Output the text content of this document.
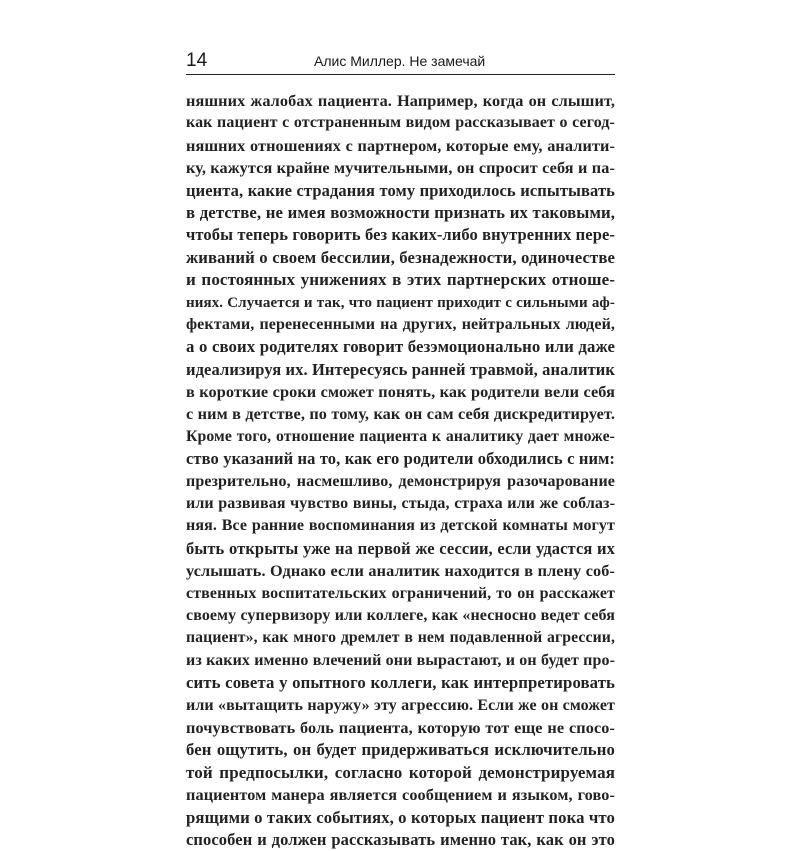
14	Алис Миллер. Не замечай
няшних жалобах пациента. Например, когда он слышит,
как пациент с отстраненным видом рассказывает о сегод-
няшних отношениях с партнером, которые ему, аналити-
ку, кажутся крайне мучительными, он спросит себя и па-
циента, какие страдания тому приходилось испытывать
в детстве, не имея возможности признать их таковыми,
чтобы теперь говорить без каких-либо внутренних пере-
живаний о своем бессилии, безнадежности, одиночестве
и постоянных унижениях в этих партнерских отноше-
ниях. Случается и так, что пациент приходит с сильными аф-
фектами, перенесенными на других, нейтральных людей,
а о своих родителях говорит безэмоционально или даже
идеализируя их. Интересуясь ранней травмой, аналитик
в короткие сроки сможет понять, как родители вели себя
с ним в детстве, по тому, как он сам себя дискредитирует.
Кроме того, отношение пациента к аналитику дает множе-
ство указаний на то, как его родители обходились с ним:
презрительно, насмешливо, демонстрируя разочарование
или развивая чувство вины, стыда, страха или же соблаз-
няя. Все ранние воспоминания из детской комнаты могут
быть открыты уже на первой же сессии, если удастся их
услышать. Однако если аналитик находится в плену соб-
ственных воспитательских ограничений, то он расскажет
своему супервизору или коллеге, как «несносно ведет себя
пациент», как много дремлет в нем подавленной агрессии,
из каких именно влечений они вырастают, и он будет про-
сить совета у опытного коллеги, как интерпретировать
или «вытащить наружу» эту агрессию. Если же он сможет
почувствовать боль пациента, которую тот еще не спосо-
бен ощутить, он будет придерживаться исключительно
той предпосылки, согласно которой демонстрируемая
пациентом манера является сообщением и языком, гово-
рящими о таких событиях, о которых пациент пока что
способен и должен рассказывать именно так, как он это
